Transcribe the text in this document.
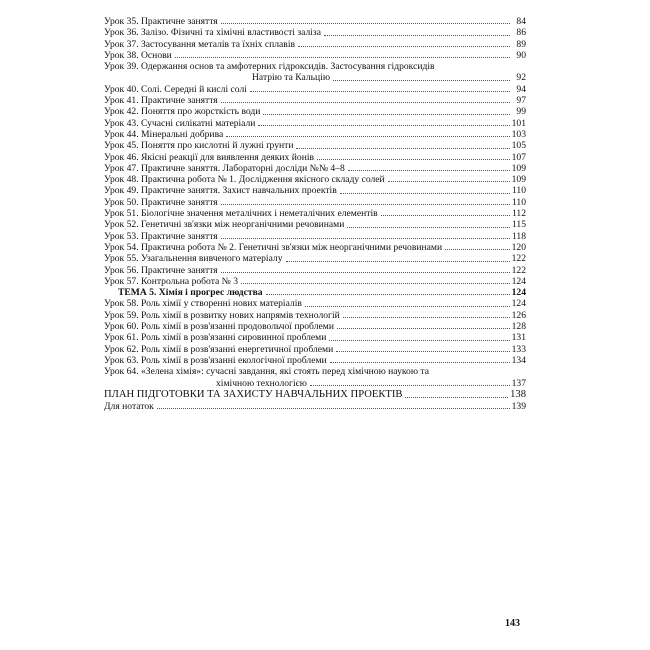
Урок 35. Практичне заняття	84
Урок 36. Залізо. Фізичні та хімічні властивості заліза	86
Урок 37. Застосування металів та їхніх сплавів	89
Урок 38. Основи	90
Урок 39. Одержання основ та амфотерних гідроксидів. Застосування гідроксидів
Натрію та Кальцію	92
Урок 40. Солі. Середні й кислі солі	94
Урок 41. Практичне заняття	97
Урок 42. Поняття про жорсткість води	99
Урок 43. Сучасні силікатні матеріали	101
Урок 44. Мінеральні добрива	103
Урок 45. Поняття про кислотні й лужні ґрунти	105
Урок 46. Якісні реакції для виявлення деяких йонів	107
Урок 47. Практичне заняття. Лабораторні досліди №№ 4–8	109
Урок 48. Практична робота № 1. Дослідження якісного складу солей	109
Урок 49. Практичне заняття. Захист навчальних проектів	110
Урок 50. Практичне заняття	110
Урок 51. Біологічне значення металічних і неметалічних елементів	112
Урок 52. Генетичні зв'язки між неорганічними речовинами	115
Урок 53. Практичне заняття	118
Урок 54. Практична робота № 2. Генетичні зв'язки між неорганічними речовинами	120
Урок 55. Узагальнення вивченого матеріалу	122
Урок 56. Практичне заняття	122
Урок 57. Контрольна робота № 3	124
ТЕМА 5. Хімія і прогрес людства	124
Урок 58. Роль хімії у створенні нових матеріалів	124
Урок 59. Роль хімії в розвитку нових напрямів технологій	126
Урок 60. Роль хімії в розв'язанні продовольчої проблеми	128
Урок 61. Роль хімії в розв'язанні сировинної проблеми	131
Урок 62. Роль хімії в розв'язанні енергетичної проблеми	133
Урок 63. Роль хімії в розв'язанні екологічної проблеми	134
Урок 64. «Зелена хімія»: сучасні завдання, які стоять перед хімічною наукою та
хімічною технологією	137
ПЛАН ПІДГОТОВКИ ТА ЗАХИСТУ НАВЧАЛЬНИХ ПРОЕКТІВ	138
Для нотаток	139
143
